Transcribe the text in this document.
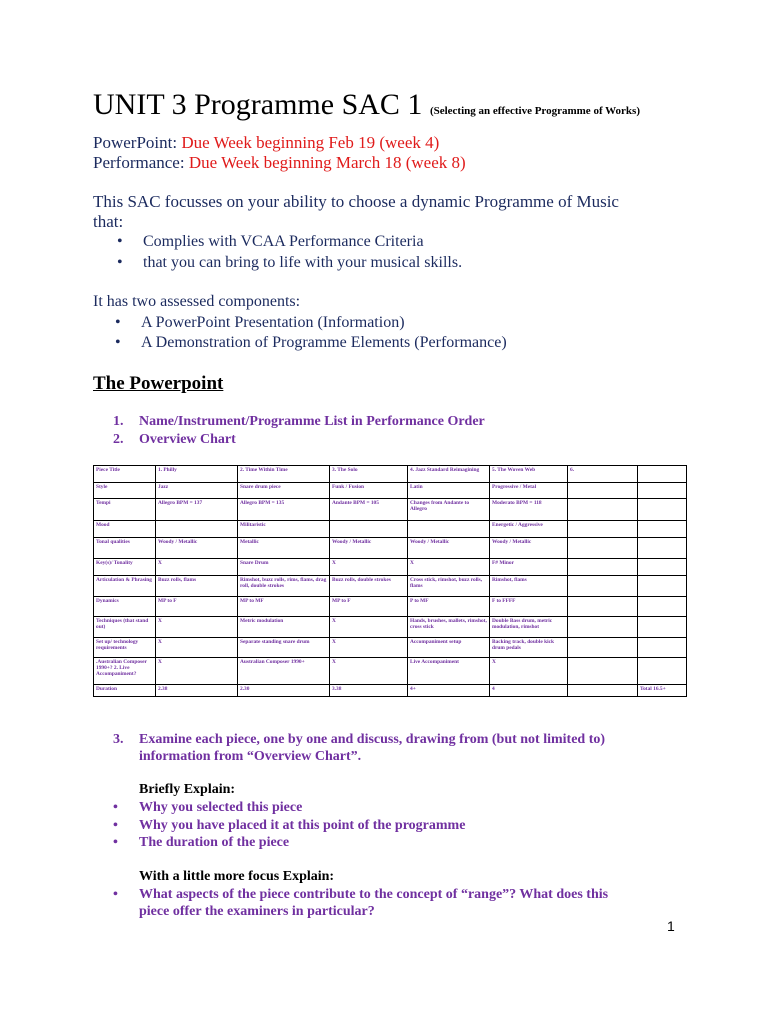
UNIT 3 Programme SAC 1 (Selecting an effective Programme of Works)
PowerPoint: Due Week beginning Feb 19 (week 4)
Performance: Due Week beginning March 18 (week 8)
This SAC focusses on your ability to choose a dynamic Programme of Music
that:
• Complies with VCAA Performance Criteria
• that you can bring to life with your musical skills.
It has two assessed components:
• A PowerPoint Presentation (Information)
• A Demonstration of Programme Elements (Performance)
The Powerpoint
1. Name/Instrument/Programme List in Performance Order
2. Overview Chart
Piece Title	1. Philly	2. Time Within Time	3. The Solo	4. Jazz Standard Reimagining	5. The Woven Web	6.	
Style	Jazz	Snare drum piece	Funk / Fusion	Latin	Progressive / Metal		
Tempi	Allegro BPM = 137	Allegro BPM = 135	Andante BPM = 105	Changes from Andante to Allegro	Moderato BPM = 118		
Mood		Militaristic			Energetic / Aggressive		
Tonal qualities	Woody / Metallic	Metallic	Woody / Metallic	Woody / Metallic	Woody / Metallic		
Key(s)/ Tonality	X	Snare Drum	X	X	F# Minor		
Articulation & Phrasing	Buzz rolls, flams	Rimshot, buzz rolls, rims, flams, drag roll, double strokes	Buzz rolls, double strokes	Cross stick, rimshot, buzz rolls, flams	Rimshot, flams		
Dynamics	MP to F	MP to MF	MP to F	P to MF	F to FFFF		
Techniques (that stand out)	X	Metric modulation	X	Hands, brushes, mallets, rimshot, cross stick	Double Bass drum, metric modulation, rimshot		
Set up/ technology requirements	X	Separate standing snare drum	X	Accompaniment setup	Backing track, double kick drum pedals		
.Australian Composer 1990+? 2. Live Accompaniment?	X	Australian Composer 1990+	X	Live Accompaniment	X		
Duration	2.38	2.30	3.38	4+	4		Total 16.5+
3. Examine each piece, one by one and discuss, drawing from (but not limited to)
information from “Overview Chart”.
Briefly Explain:
• Why you selected this piece
• Why you have placed it at this point of the programme
• The duration of the piece
With a little more focus Explain:
• What aspects of the piece contribute to the concept of “range”? What does this
piece offer the examiners in particular?
1
